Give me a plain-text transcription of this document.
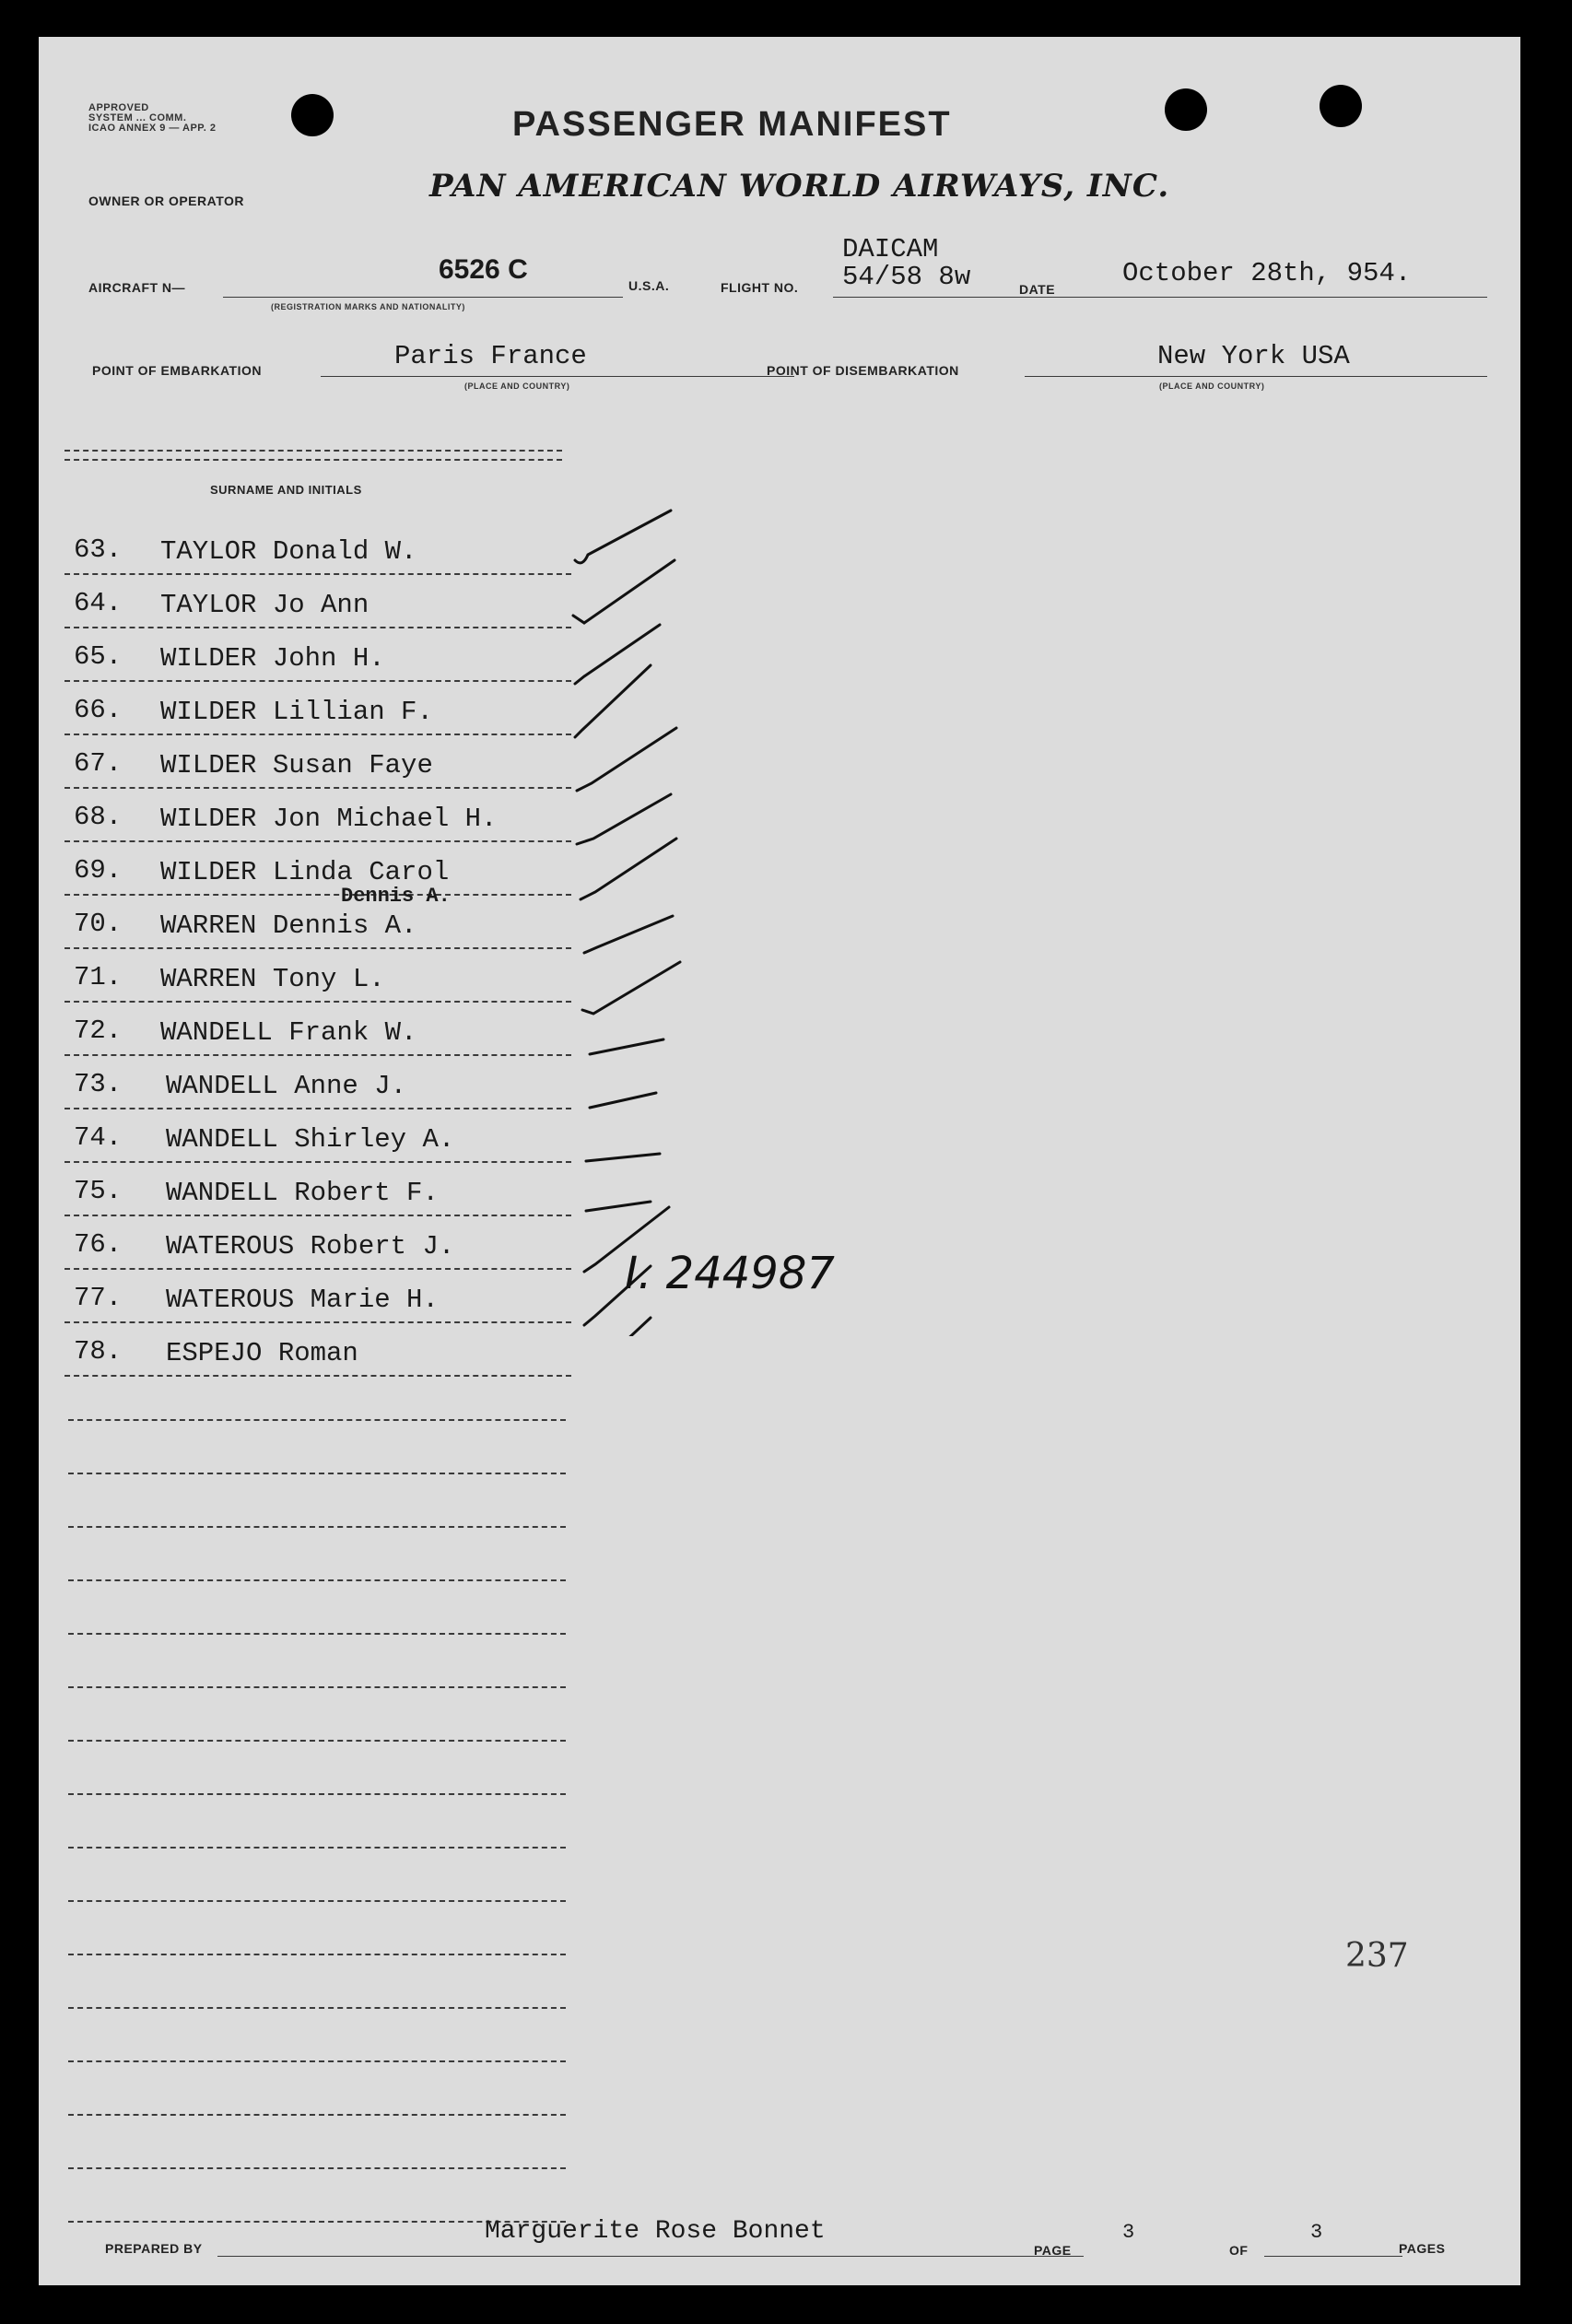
APPROVED
SYSTEM ... COMM.
ICAO ANNEX 9 — APP. 2	PASSENGER MANIFEST
OWNER OR OPERATOR	PAN AMERICAN WORLD AIRWAYS, INC.
AIRCRAFT N—
6526 C
(REGISTRATION MARKS AND NATIONALITY)
U.S.A.	FLIGHT NO.
DAICAM
54/58 8w	DATE
October 28th, 954.
POINT OF EMBARKATION	Paris France
(PLACE AND COUNTRY)
POINT OF DISEMBARKATION	New York USA
(PLACE AND COUNTRY)
SURNAME AND INITIALS
63. TAYLOR Donald W.
64. TAYLOR Jo Ann
65. WILDER John H.
66. WILDER Lillian F.
67. WILDER Susan Faye
68. WILDER Jon Michael H.
69. WILDER Linda Carol
70. WARREN Dennis A.
Dennis A.
71. WARREN Tony L.
72. WANDELL Frank W.
73. WANDELL Anne J.
74. WANDELL Shirley A.
75. WANDELL Robert F.
76. WATEROUS Robert J.
77. WATEROUS Marie H.
78. ESPEJO Roman
I. 244987
237
PREPARED BY
Marguerite Rose Bonnet
PAGE
3
OF
3
PAGES
